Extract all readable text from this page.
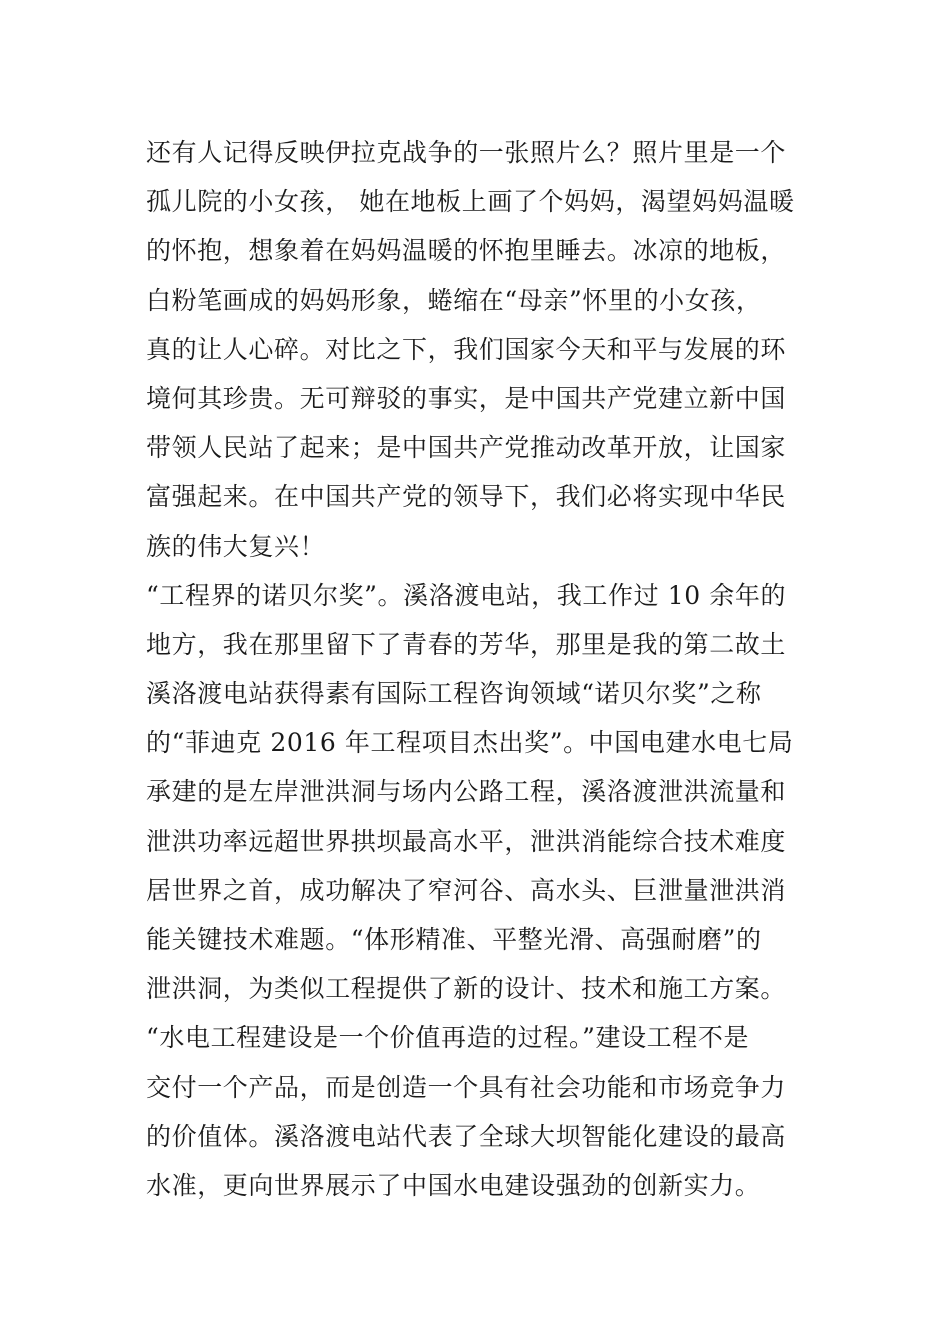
还有人记得反映伊拉克战争的一张照片么？照片里是一个
孤儿院的小女孩， 她在地板上画了个妈妈，渴望妈妈温暖
的怀抱，想象着在妈妈温暖的怀抱里睡去。冰凉的地板，
白粉笔画成的妈妈形象，蜷缩在“母亲”怀里的小女孩，
真的让人心碎。对比之下，我们国家今天和平与发展的环
境何其珍贵。无可辩驳的事实，是中国共产党建立新中国
带领人民站了起来；是中国共产党推动改革开放，让国家
富强起来。在中国共产党的领导下，我们必将实现中华民
族的伟大复兴！
“工程界的诺贝尔奖”。溪洛渡电站，我工作过 10 余年的
地方，我在那里留下了青春的芳华，那里是我的第二故土
溪洛渡电站获得素有国际工程咨询领域“诺贝尔奖”之称
的“菲迪克 2016 年工程项目杰出奖”。中国电建水电七局
承建的是左岸泄洪洞与场内公路工程，溪洛渡泄洪流量和
泄洪功率远超世界拱坝最高水平，泄洪消能综合技术难度
居世界之首，成功解决了窄河谷、高水头、巨泄量泄洪消
能关键技术难题。“体形精准、平整光滑、高强耐磨”的
泄洪洞，为类似工程提供了新的设计、技术和施工方案。
“水电工程建设是一个价值再造的过程。”建设工程不是
交付一个产品，而是创造一个具有社会功能和市场竞争力
的价值体。溪洛渡电站代表了全球大坝智能化建设的最高
水准，更向世界展示了中国水电建设强劲的创新实力。
